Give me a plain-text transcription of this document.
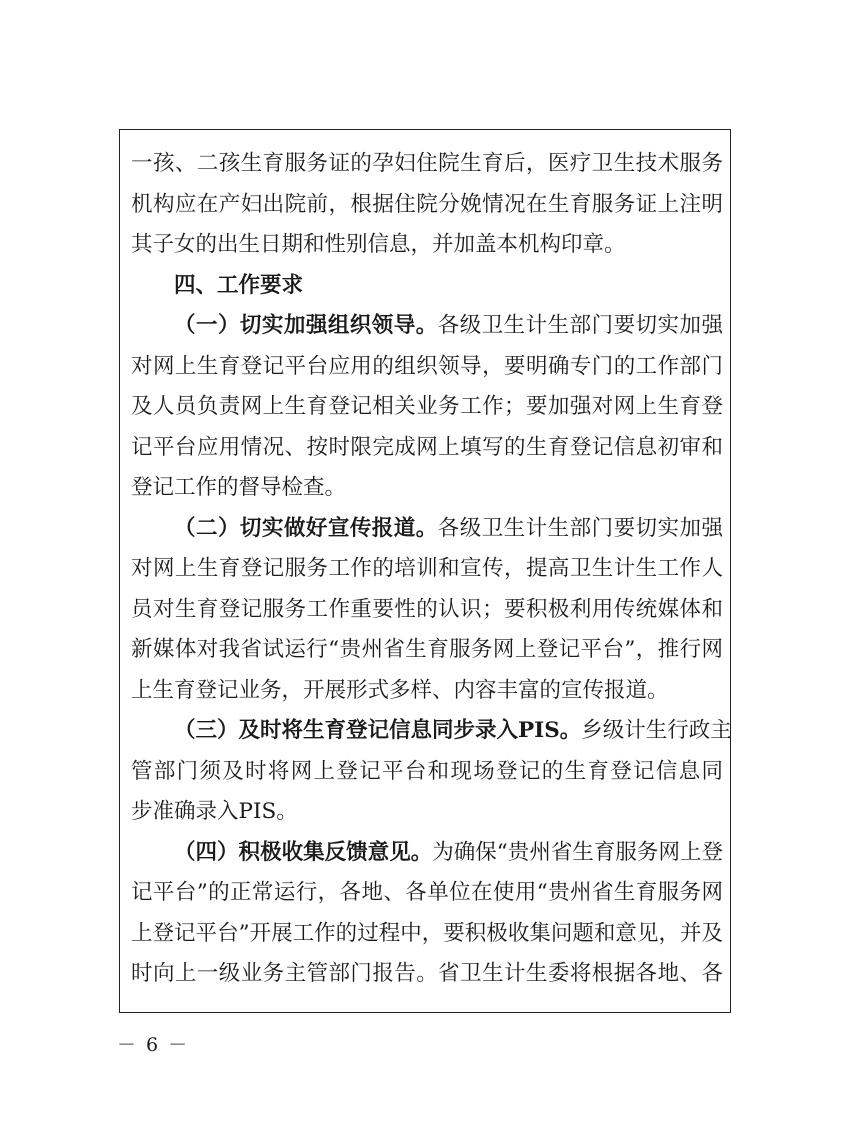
一孩、二孩生育服务证的孕妇住院生育后，医疗卫生技术服务
机构应在产妇出院前，根据住院分娩情况在生育服务证上注明
其子女的出生日期和性别信息，并加盖本机构印章。
四、工作要求
（一）切实加强组织领导。各级卫生计生部门要切实加强
对网上生育登记平台应用的组织领导，要明确专门的工作部门
及人员负责网上生育登记相关业务工作；要加强对网上生育登
记平台应用情况、按时限完成网上填写的生育登记信息初审和
登记工作的督导检查。
（二）切实做好宣传报道。各级卫生计生部门要切实加强
对网上生育登记服务工作的培训和宣传，提高卫生计生工作人
员对生育登记服务工作重要性的认识；要积极利用传统媒体和
新媒体对我省试运行“贵州省生育服务网上登记平台”，推行网
上生育登记业务，开展形式多样、内容丰富的宣传报道。
（三）及时将生育登记信息同步录入PIS。乡级计生行政主
管部门须及时将网上登记平台和现场登记的生育登记信息同
步准确录入PIS。
（四）积极收集反馈意见。为确保“贵州省生育服务网上登
记平台”的正常运行，各地、各单位在使用“贵州省生育服务网
上登记平台”开展工作的过程中，要积极收集问题和意见，并及
时向上一级业务主管部门报告。省卫生计生委将根据各地、各
－ 6 －
